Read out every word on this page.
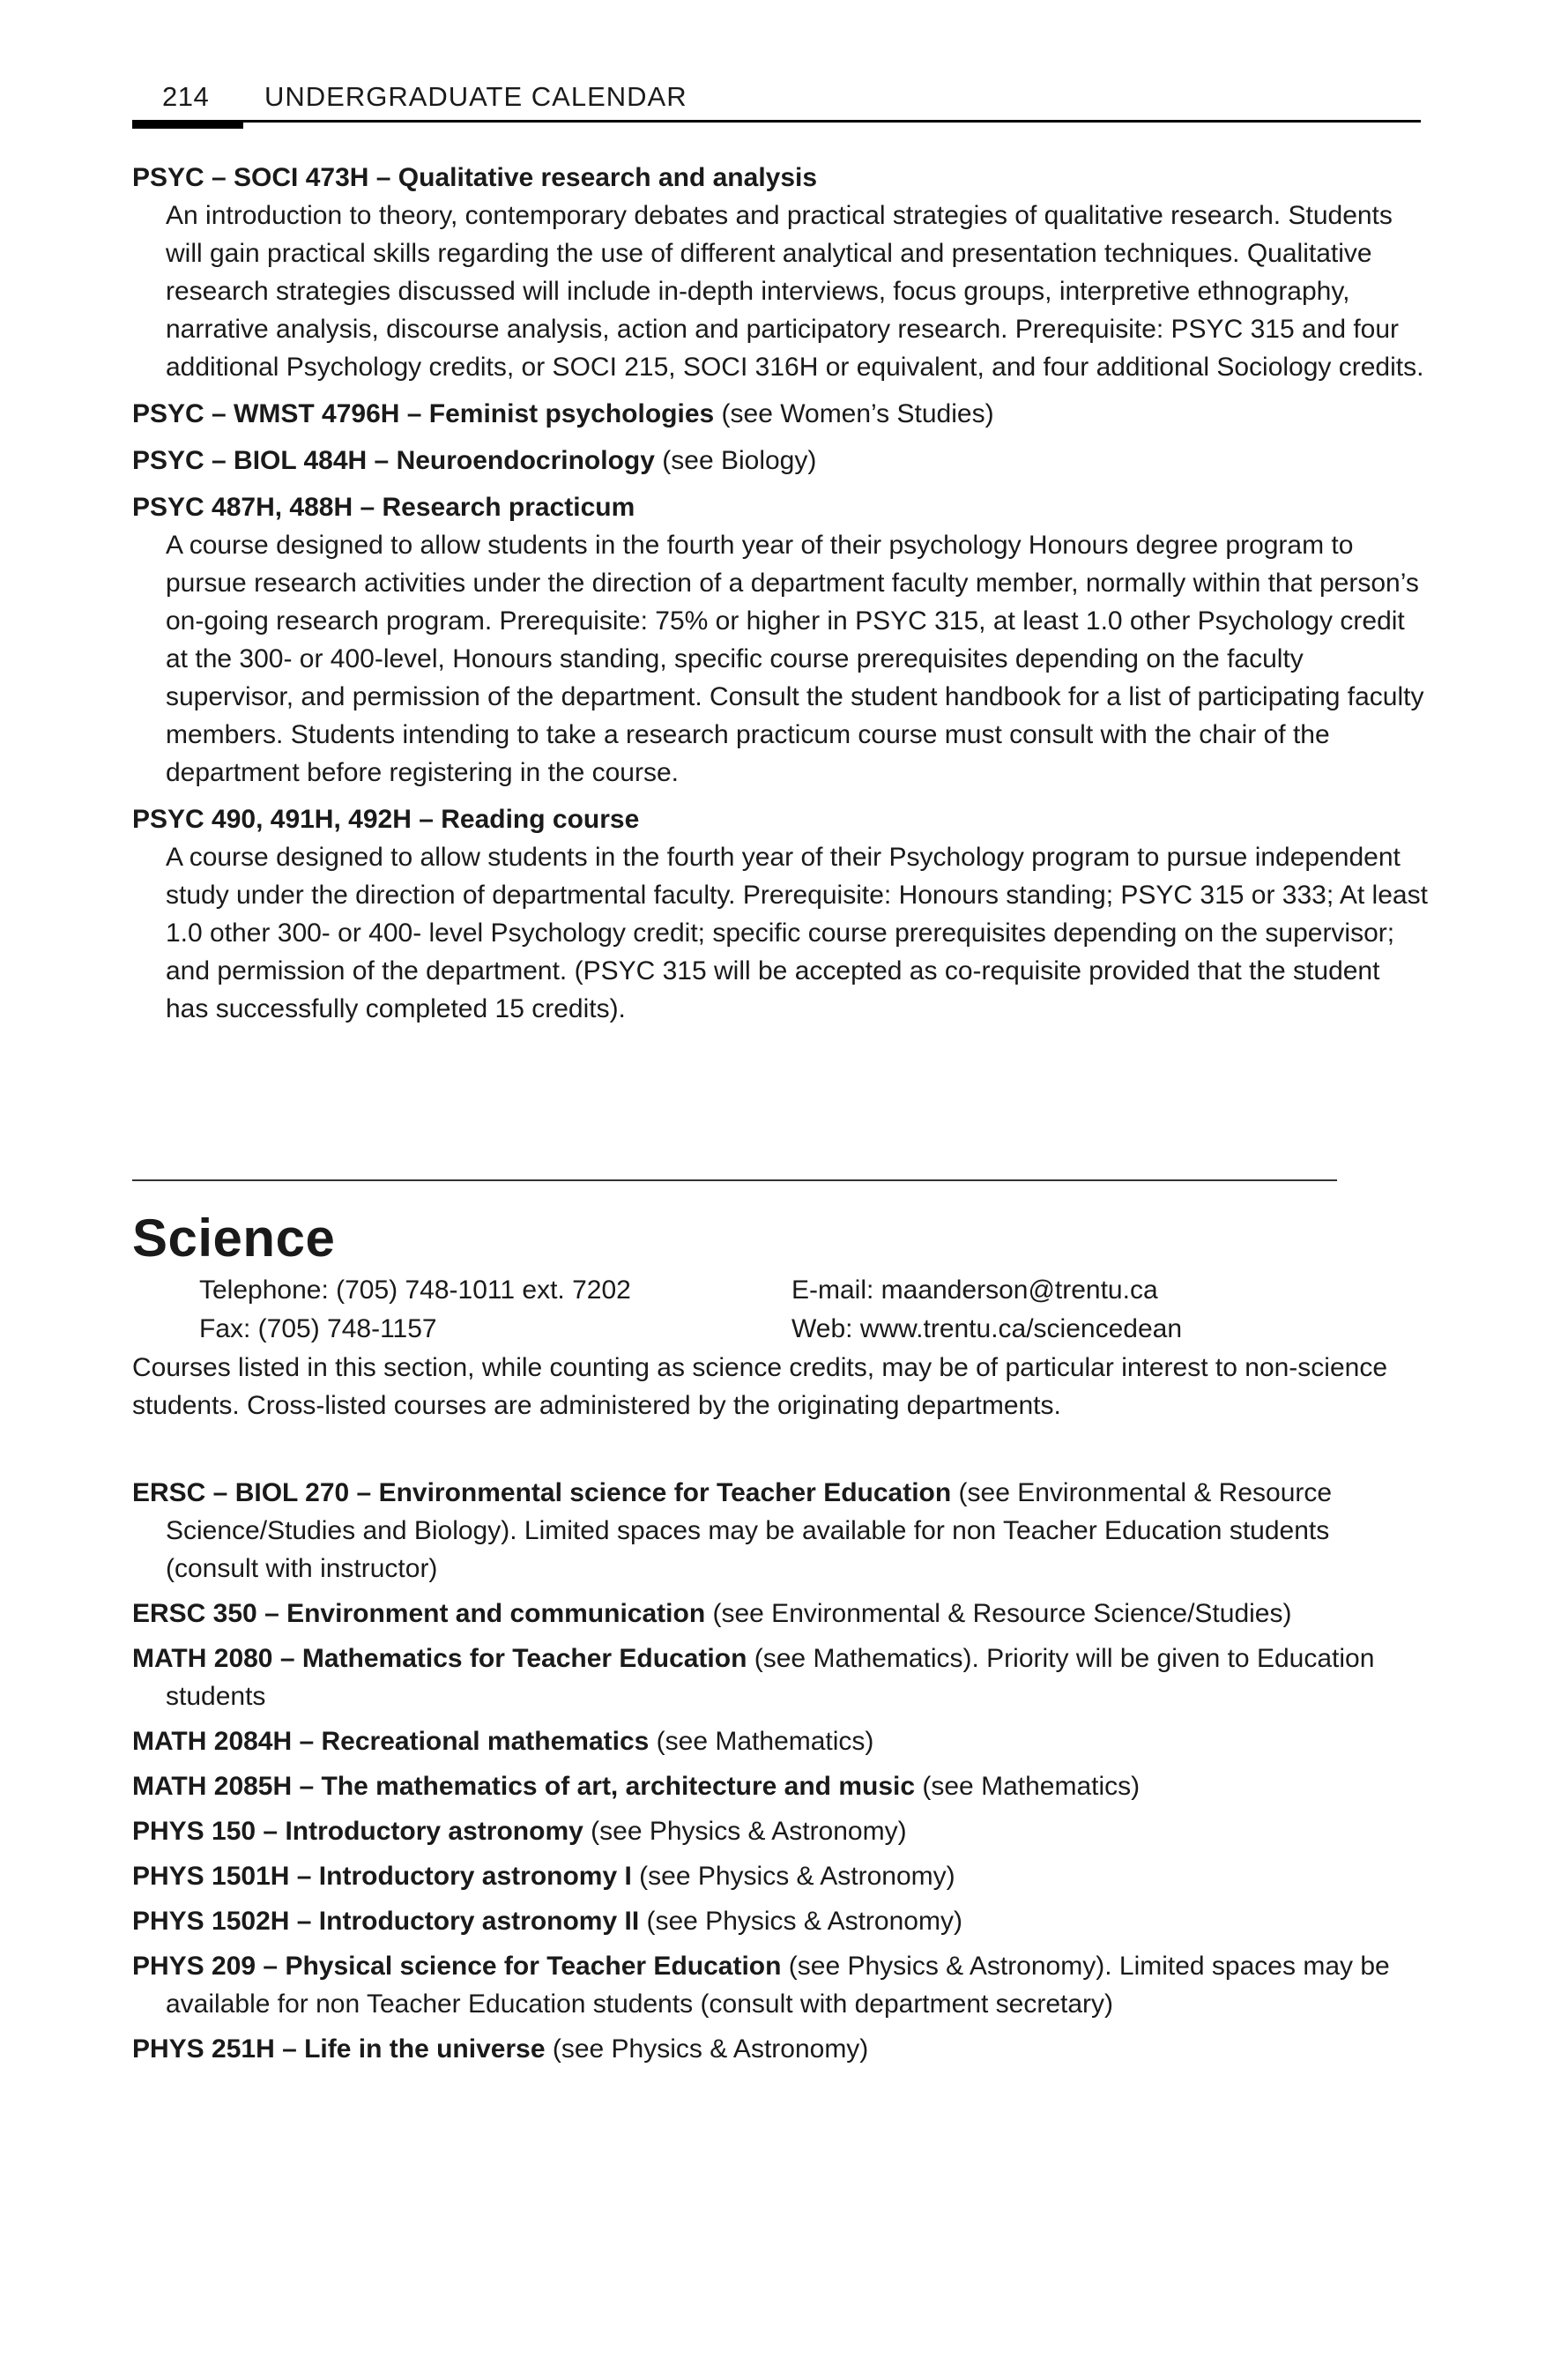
214 UNDERGRADUATE CALENDAR
PSYC – SOCI 473H – Qualitative research and analysis
An introduction to theory, contemporary debates and practical strategies of qualitative research. Students will gain practical skills regarding the use of different analytical and presentation techniques. Qualitative research strategies discussed will include in-depth interviews, focus groups, interpretive ethnography, narrative analysis, discourse analysis, action and participatory research. Prerequisite: PSYC 315 and four additional Psychology credits, or SOCI 215, SOCI 316H or equivalent, and four additional Sociology credits.
PSYC – WMST 4796H – Feminist psychologies (see Women’s Studies)
PSYC – BIOL 484H – Neuroendocrinology (see Biology)
PSYC 487H, 488H – Research practicum
A course designed to allow students in the fourth year of their psychology Honours degree program to pursue research activities under the direction of a department faculty member, normally within that person’s on-going research program. Prerequisite: 75% or higher in PSYC 315, at least 1.0 other Psychology credit at the 300- or 400-level, Honours standing, specific course prerequisites depending on the faculty supervisor, and permission of the department. Consult the student handbook for a list of participating faculty members. Students intending to take a research practicum course must consult with the chair of the department before registering in the course.
PSYC 490, 491H, 492H – Reading course
A course designed to allow students in the fourth year of their Psychology program to pursue independent study under the direction of departmental faculty. Prerequisite: Honours standing; PSYC 315 or 333; At least 1.0 other 300- or 400- level Psychology credit; specific course prerequisites depending on the supervisor; and permission of the department. (PSYC 315 will be accepted as co-requisite provided that the student has successfully completed 15 credits).
Science
Telephone: (705) 748-1011 ext. 7202	E-mail: maanderson@trentu.ca
Fax: (705) 748-1157	Web: www.trentu.ca/sciencedean
Courses listed in this section, while counting as science credits, may be of particular interest to non-science students. Cross-listed courses are administered by the originating departments.
ERSC – BIOL 270 – Environmental science for Teacher Education (see Environmental & Resource Science/Studies and Biology). Limited spaces may be available for non Teacher Education students (consult with instructor)
ERSC 350 – Environment and communication (see Environmental & Resource Science/Studies)
MATH 2080 – Mathematics for Teacher Education (see Mathematics). Priority will be given to Education students
MATH 2084H – Recreational mathematics (see Mathematics)
MATH 2085H – The mathematics of art, architecture and music (see Mathematics)
PHYS 150 – Introductory astronomy (see Physics & Astronomy)
PHYS 1501H – Introductory astronomy I (see Physics & Astronomy)
PHYS 1502H – Introductory astronomy II (see Physics & Astronomy)
PHYS 209 – Physical science for Teacher Education (see Physics & Astronomy). Limited spaces may be available for non Teacher Education students (consult with department secretary)
PHYS 251H – Life in the universe (see Physics & Astronomy)
